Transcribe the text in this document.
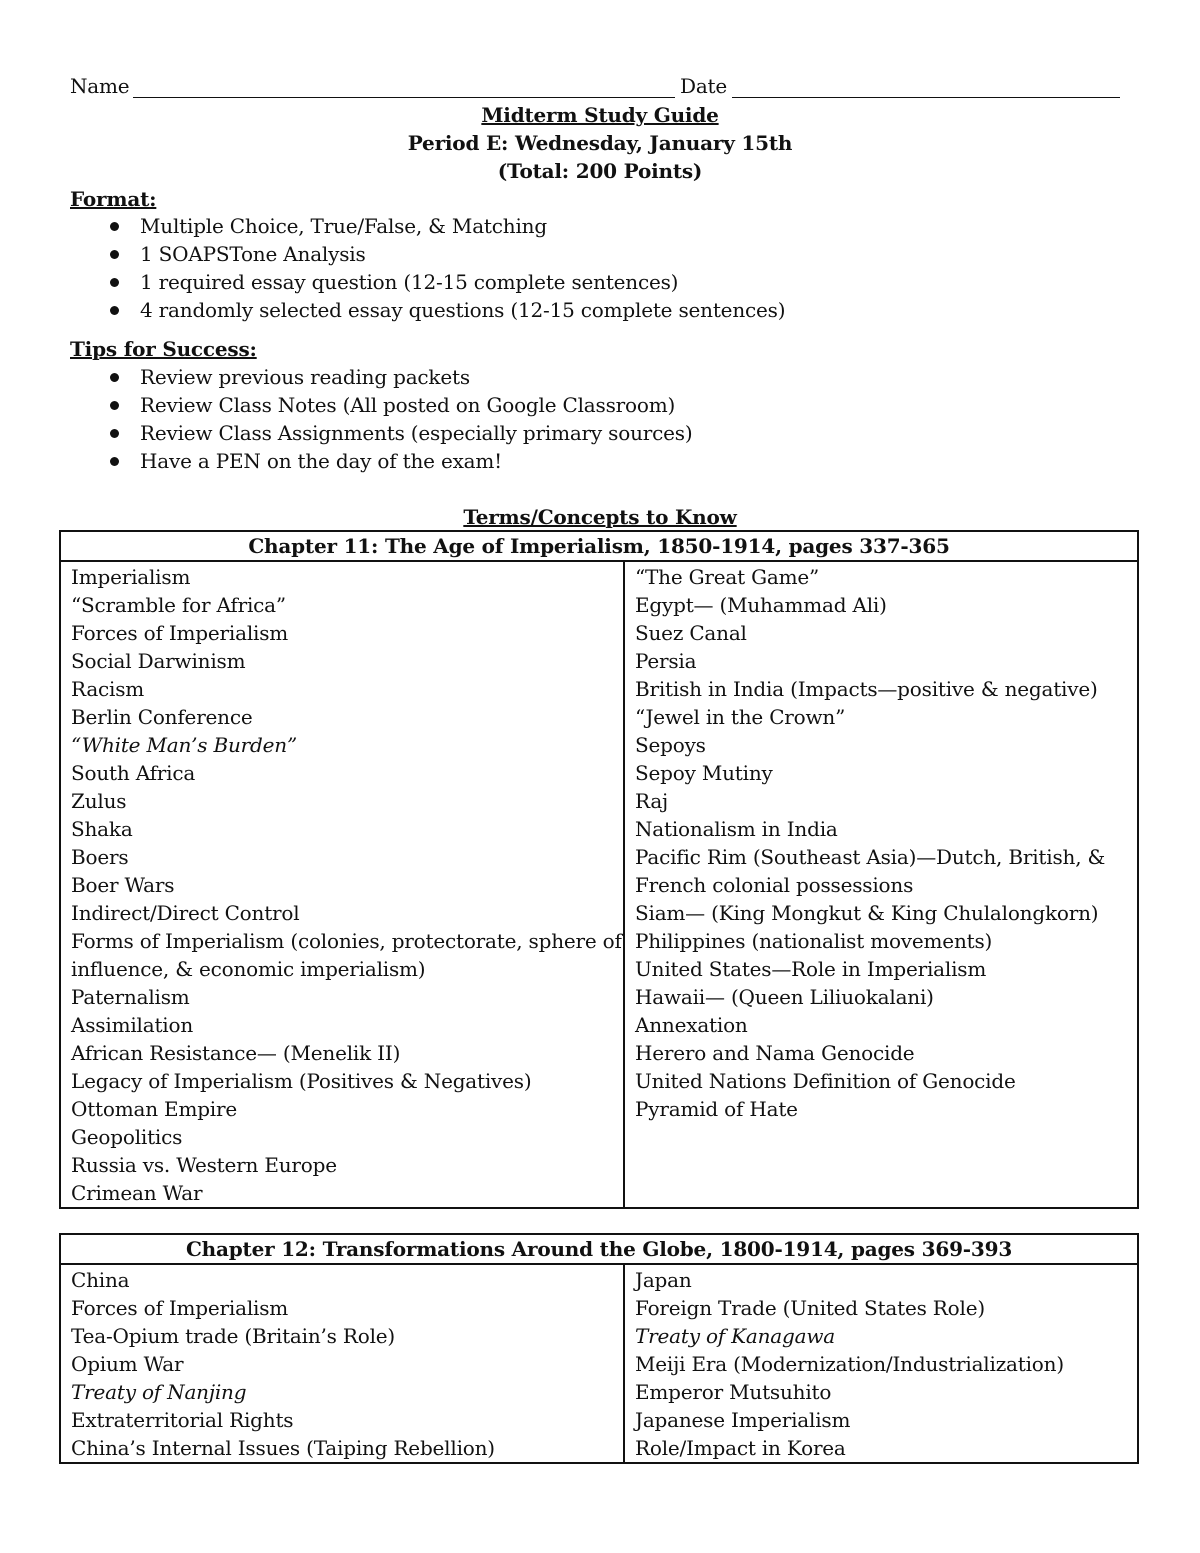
Name	Date
Midterm Study Guide
Period E: Wednesday, January 15th
(Total: 200 Points)
Format:
Multiple Choice, True/False, & Matching
1 SOAPSTone Analysis
1 required essay question (12-15 complete sentences)
4 randomly selected essay questions (12-15 complete sentences)
Tips for Success:
Review previous reading packets
Review Class Notes (All posted on Google Classroom)
Review Class Assignments (especially primary sources)
Have a PEN on the day of the exam!
Terms/Concepts to Know
Chapter 11: The Age of Imperialism, 1850-1914, pages 337-365

Imperialism
“Scramble for Africa”
Forces of Imperialism
Social Darwinism
Racism
Berlin Conference
“White Man’s Burden”
South Africa
Zulus
Shaka
Boers
Boer Wars
Indirect/Direct Control
Forms of Imperialism (colonies, protectorate, sphere of influence, & economic imperialism)
Paternalism
Assimilation
African Resistance— (Menelik II)
Legacy of Imperialism (Positives & Negatives)
Ottoman Empire
Geopolitics
Russia vs. Western Europe
Crimean War

“The Great Game”
Egypt— (Muhammad Ali)
Suez Canal
Persia
British in India (Impacts—positive & negative)
“Jewel in the Crown”
Sepoys
Sepoy Mutiny
Raj
Nationalism in India
Pacific Rim (Southeast Asia)—Dutch, British, & French colonial possessions
Siam— (King Mongkut & King Chulalongkorn)
Philippines (nationalist movements)
United States—Role in Imperialism
Hawaii— (Queen Liliuokalani)
Annexation
Herero and Nama Genocide
United Nations Definition of Genocide
Pyramid of Hate
Chapter 12: Transformations Around the Globe, 1800-1914, pages 369-393

China
Forces of Imperialism
Tea-Opium trade (Britain’s Role)
Opium War
Treaty of Nanjing
Extraterritorial Rights
China’s Internal Issues (Taiping Rebellion)

Japan
Foreign Trade (United States Role)
Treaty of Kanagawa
Meiji Era (Modernization/Industrialization)
Emperor Mutsuhito
Japanese Imperialism
Role/Impact in Korea
